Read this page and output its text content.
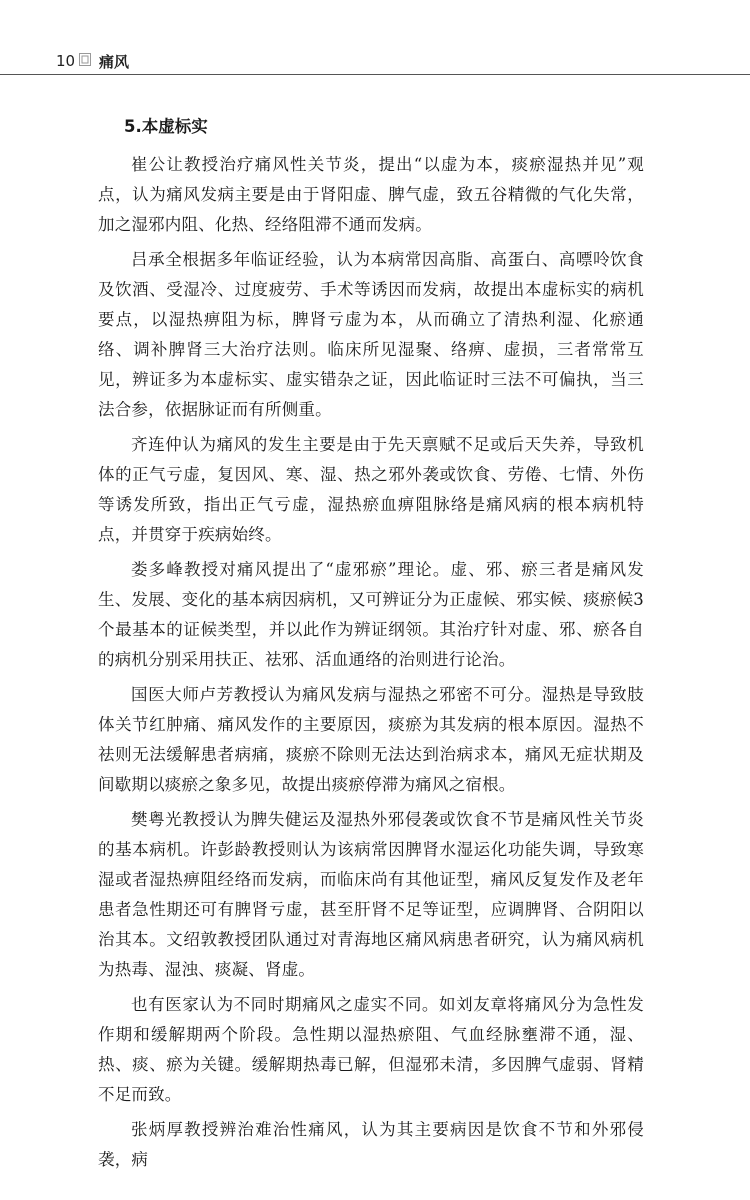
10 痛风
5.本虚标实

崔公让教授治疗痛风性关节炎，提出“以虚为本，痰瘀湿热并见”观点，认为痛风发病主要是由于肾阳虚、脾气虚，致五谷精微的气化失常，加之湿邪内阻、化热、经络阻滞不通而发病。

吕承全根据多年临证经验，认为本病常因高脂、高蛋白、高嘌呤饮食及饮酒、受湿冷、过度疲劳、手术等诱因而发病，故提出本虚标实的病机要点，以湿热痹阻为标，脾肾亏虚为本，从而确立了清热利湿、化瘀通络、调补脾肾三大治疗法则。临床所见湿聚、络痹、虚损，三者常常互见，辨证多为本虚标实、虚实错杂之证，因此临证时三法不可偏执，当三法合参，依据脉证而有所侧重。

齐连仲认为痛风的发生主要是由于先天禀赋不足或后天失养，导致机体的正气亏虚，复因风、寒、湿、热之邪外袭或饮食、劳倦、七情、外伤等诱发所致，指出正气亏虚，湿热瘀血痹阻脉络是痛风病的根本病机特点，并贯穿于疾病始终。

娄多峰教授对痛风提出了“虚邪瘀”理论。虚、邪、瘀三者是痛风发生、发展、变化的基本病因病机，又可辨证分为正虚候、邪实候、痰瘀候3个最基本的证候类型，并以此作为辨证纲领。其治疗针对虚、邪、瘀各自的病机分别采用扶正、祛邪、活血通络的治则进行论治。

国医大师卢芳教授认为痛风发病与湿热之邪密不可分。湿热是导致肢体关节红肿痛、痛风发作的主要原因，痰瘀为其发病的根本原因。湿热不祛则无法缓解患者病痛，痰瘀不除则无法达到治病求本，痛风无症状期及间歇期以痰瘀之象多见，故提出痰瘀停滞为痛风之宿根。

樊粤光教授认为脾失健运及湿热外邪侵袭或饮食不节是痛风性关节炎的基本病机。许彭龄教授则认为该病常因脾肾水湿运化功能失调，导致寒湿或者湿热痹阻经络而发病，而临床尚有其他证型，痛风反复发作及老年患者急性期还可有脾肾亏虚，甚至肝肾不足等证型，应调脾肾、合阴阳以治其本。文绍敦教授团队通过对青海地区痛风病患者研究，认为痛风病机为热毒、湿浊、痰凝、肾虚。

也有医家认为不同时期痛风之虚实不同。如刘友章将痛风分为急性发作期和缓解期两个阶段。急性期以湿热瘀阻、气血经脉壅滞不通，湿、热、痰、瘀为关键。缓解期热毒已解，但湿邪未清，多因脾气虚弱、肾精不足而致。

张炳厚教授辨治难治性痛风，认为其主要病因是饮食不节和外邪侵袭，病
